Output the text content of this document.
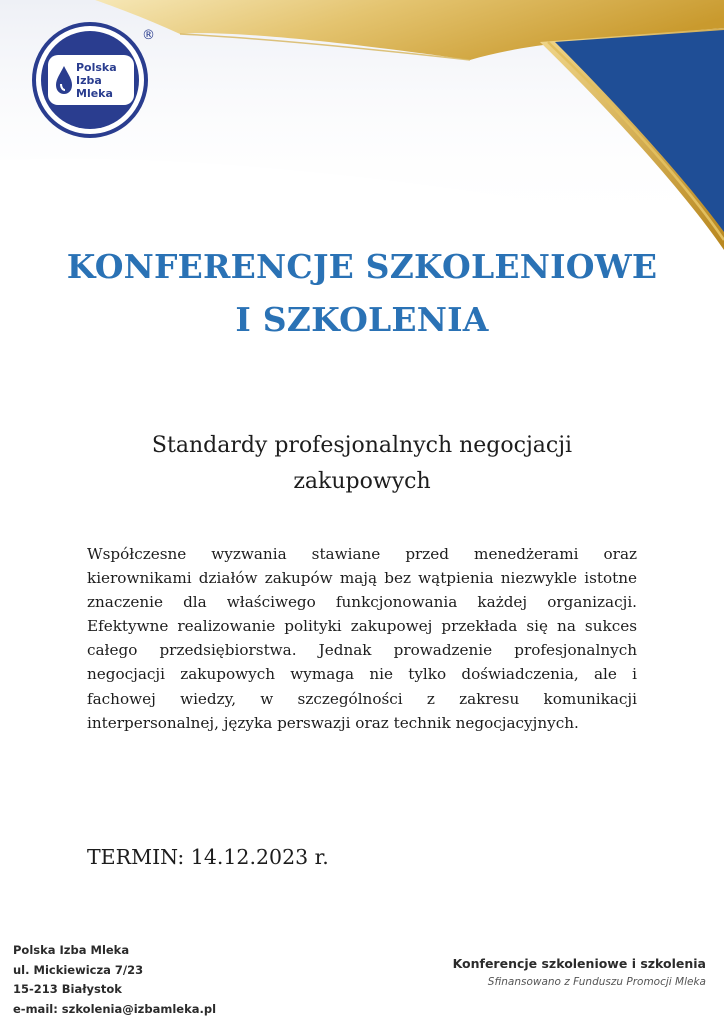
Polska
Izba
Mleka
®
KONFERENCJE SZKOLENIOWE
I SZKOLENIA
Standardy profesjonalnych negocjacji
zakupowych
Współczesne wyzwania stawiane przed menedżerami oraz kierownikami działów zakupów mają bez wątpienia niezwykle istotne znaczenie dla właściwego funkcjonowania każdej organizacji. Efektywne realizowanie polityki zakupowej przekłada się na sukces całego przedsiębiorstwa. Jednak prowadzenie profesjonalnych negocjacji zakupowych wymaga nie tylko doświadczenia, ale i fachowej wiedzy, w szczególności z zakresu komunikacji interpersonalnej, języka perswazji oraz technik negocjacyjnych.
TERMIN: 14.12.2023 r.
Polska Izba Mleka
ul. Mickiewicza 7/23
15-213 Białystok
e-mail: szkolenia@izbamleka.pl
Konferencje szkoleniowe i szkolenia
Sfinansowano z Funduszu Promocji Mleka
